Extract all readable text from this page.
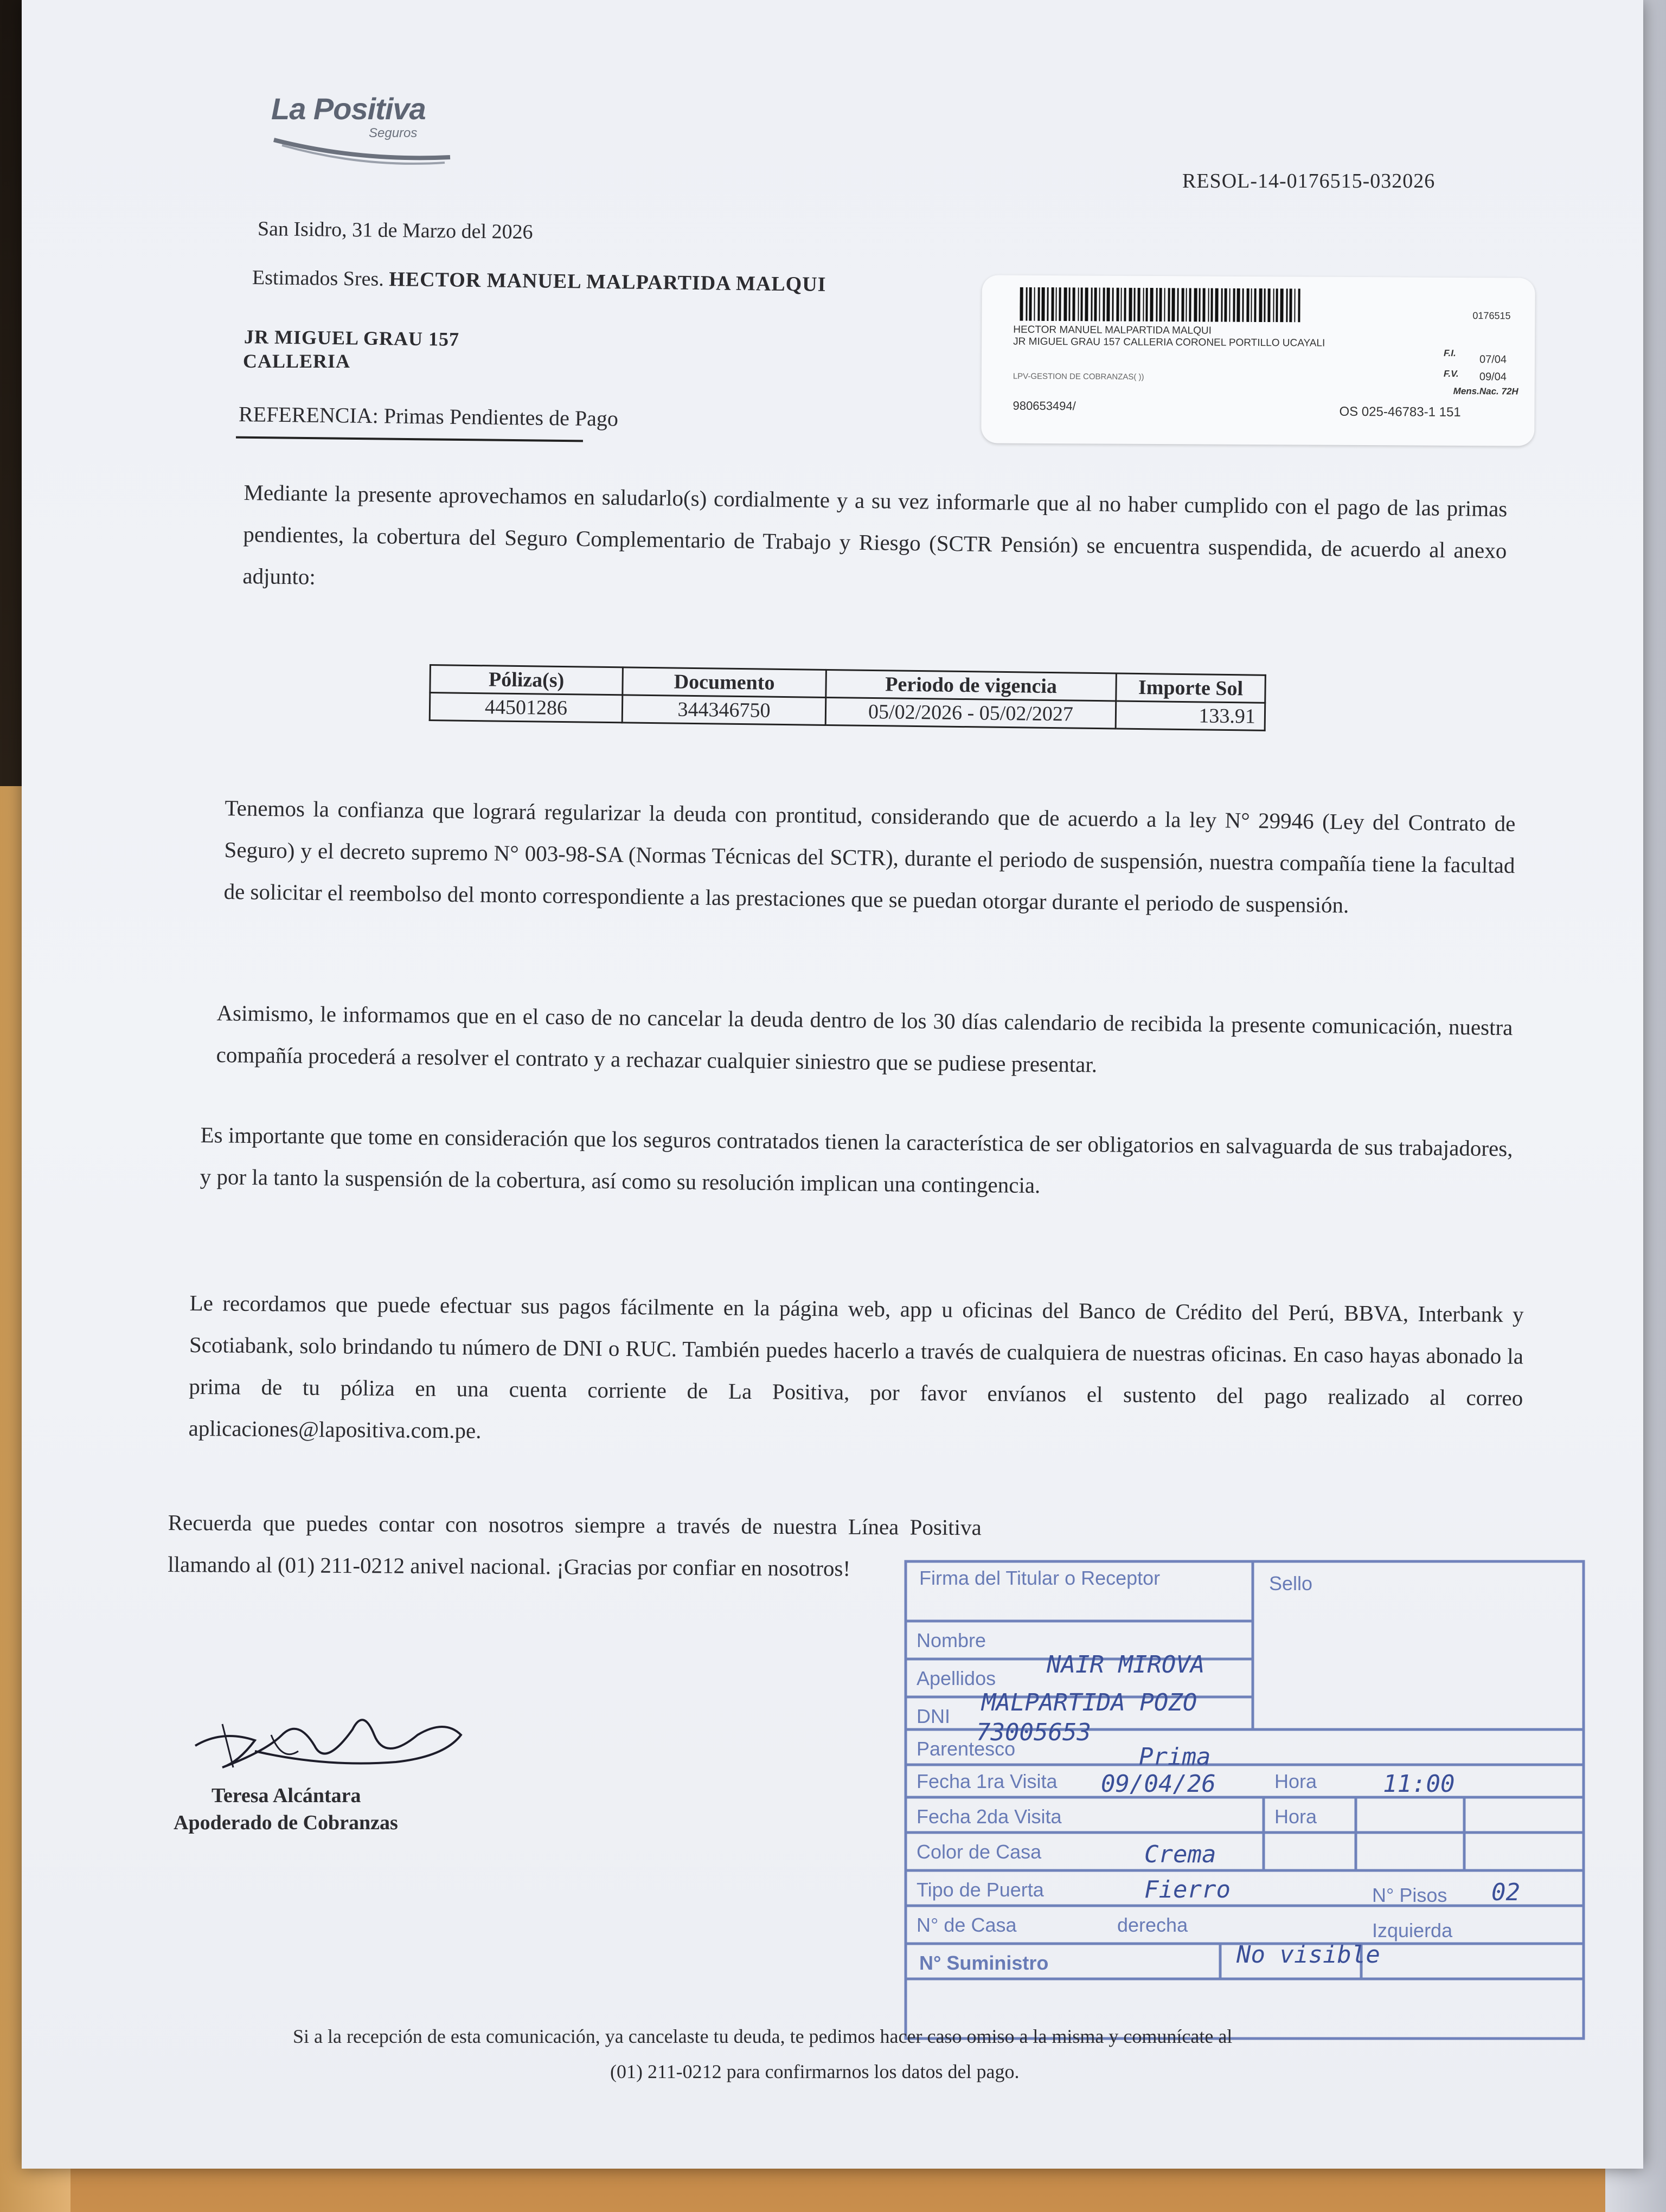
La Positiva

Seguros

RESOL-14-0176515-032026

San Isidro, 31 de Marzo del 2026

Estimados Sres. HECTOR MANUEL MALPARTIDA MALQUI

JR MIGUEL GRAU 157

CALLERIA

REFERENCIA: Primas Pendientes de Pago

HECTOR MANUEL MALPARTIDA MALQUI

JR MIGUEL GRAU 157 CALLERIA CORONEL PORTILLO UCAYALI

LPV-GESTION DE COBRANZAS( ))

980653494/

0176515

F.I.

07/04

F.V. 09/04

Mens.Nac. 72H

OS 025-46783-1 151

Mediante la presente aprovechamos en saludarlo(s) cordialmente y a su vez informarle que al no haber cumplido con el pago de las primas pendientes, la cobertura del Seguro Complementario de Trabajo y Riesgo (SCTR Pensión) se encuentra suspendida, de acuerdo al anexo adjunto:

Póliza(s)	Documento	Periodo de vigencia	Importe Sol
44501286	344346750	05/02/2026 - 05/02/2027	133.91

Tenemos la confianza que logrará regularizar la deuda con prontitud, considerando que de acuerdo a la ley N° 29946 (Ley del Contrato de Seguro) y el decreto supremo N° 003-98-SA (Normas Técnicas del SCTR), durante el periodo de suspensión, nuestra compañía tiene la facultad de solicitar el reembolso del monto correspondiente a las prestaciones que se puedan otorgar durante el periodo de suspensión.

Asimismo, le informamos que en el caso de no cancelar la deuda dentro de los 30 días calendario de recibida la presente comunicación, nuestra compañía procederá a resolver el contrato y a rechazar cualquier siniestro que se pudiese presentar.

Es importante que tome en consideración que los seguros contratados tienen la característica de ser obligatorios en salvaguarda de sus trabajadores, y por la tanto la suspensión de la cobertura, así como su resolución implican una contingencia.

Le recordamos que puede efectuar sus pagos fácilmente en la página web, app u oficinas del Banco de Crédito del Perú, BBVA, Interbank y Scotiabank, solo brindando tu número de DNI o RUC. También puedes hacerlo a través de cualquiera de nuestras oficinas. En caso hayas abonado la prima de tu póliza en una cuenta corriente de La Positiva, por favor envíanos el sustento del pago realizado al correo aplicaciones@lapositiva.com.pe.

Recuerda que puedes contar con nosotros siempre a través de nuestra Línea Positiva llamando al (01) 211-0212 anivel nacional. ¡Gracias por confiar en nosotros!

Teresa Alcántara

Apoderado de Cobranzas

Firma del Titular o Receptor	Sello

Nombre

NAIR MIROVA

Apellidos

MALPARTIDA POZO

DNI

73005653

Parentesco	Prima

Fecha 1ra Visita 09/04/26	Hora	11:00

Fecha 2da Visita	Hora

Color de Casa	Crema

Tipo de Puerta	Fierro	N° Pisos 02

N° de Casa	derecha	Izquierda

N° Suministro	No visible

Si a la recepción de esta comunicación, ya cancelaste tu deuda, te pedimos hacer caso omiso a la misma y comunícate al

(01) 211-0212 para confirmarnos los datos del pago.
